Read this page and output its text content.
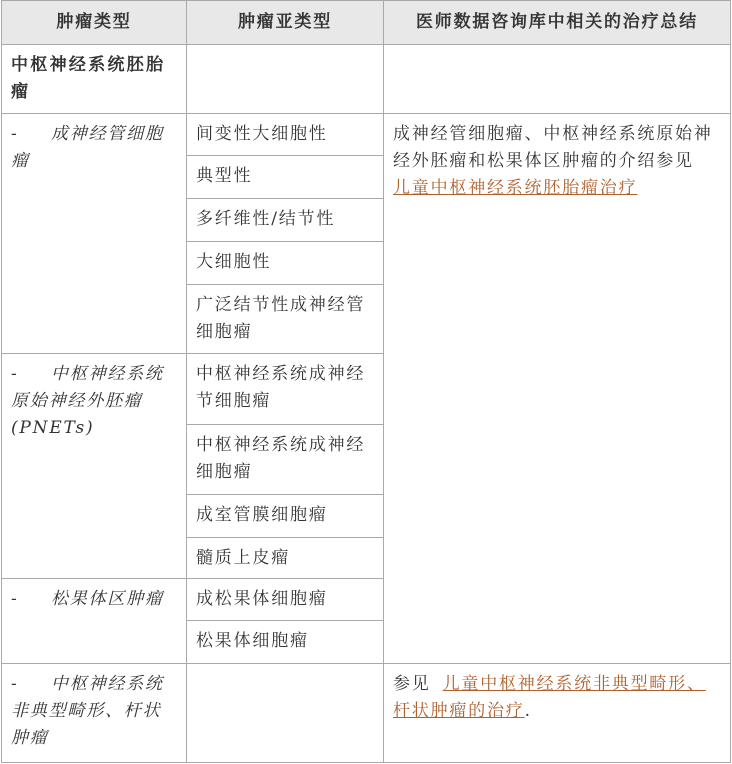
肿瘤类型	肿瘤亚类型	医师数据咨询库中相关的治疗总结
中枢神经系统胚胎瘤		
- 成神经管细胞瘤	间变性大细胞性	成神经管细胞瘤、中枢神经系统原始神经外胚瘤和松果体区肿瘤的介绍参见
儿童中枢神经系统胚胎瘤治疗
	典型性	
	多纤维性/结节性	
	大细胞性	
	广泛结节性成神经管细胞瘤	
- 中枢神经系统原始神经外胚瘤(PNETs)	中枢神经系统成神经节细胞瘤	
	中枢神经系统成神经细胞瘤	
	成室管膜细胞瘤	
	髓质上皮瘤	
- 松果体区肿瘤	成松果体细胞瘤	
	松果体细胞瘤	
- 中枢神经系统非典型畸形、杆状肿瘤		参见 儿童中枢神经系统非典型畸形、杆状肿瘤的治疗.
